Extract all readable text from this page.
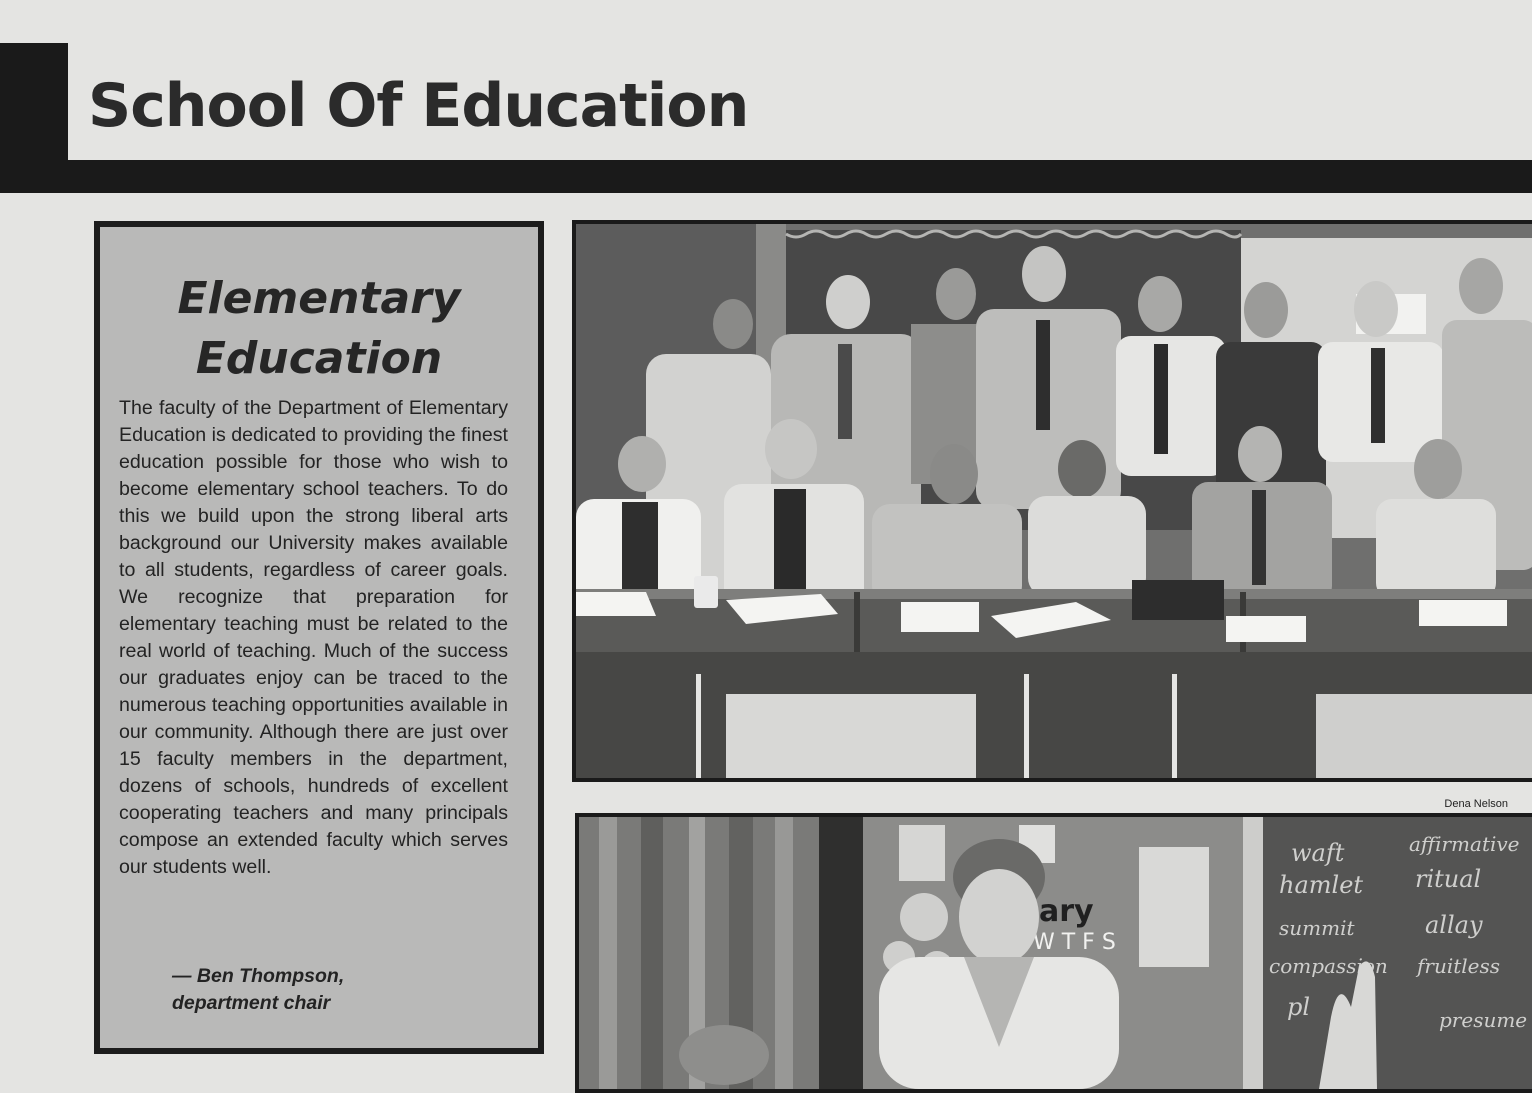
School Of Education
Elementary
Education

The faculty of the Department of Elementary Education is dedicated to providing the finest education possible for those who wish to become elementary school teachers. To do this we build upon the strong liberal arts background our University makes available to all students, regardless of career goals. We recognize that preparation for elementary teaching must be related to the real world of teaching. Much of the success our graduates enjoy can be traced to the numerous teaching opportunities available in our community. Although there are just over 15 faculty members in the department, dozens of schools, hundreds of excellent cooperating teachers and many principals compose an extended faculty which serves our students well.

— Ben Thompson,

department chair

Dena Nelson
ary
W T F S
waft	affirmative
hamlet ritual
summit	allay
compassion fruitless
pl	presume
